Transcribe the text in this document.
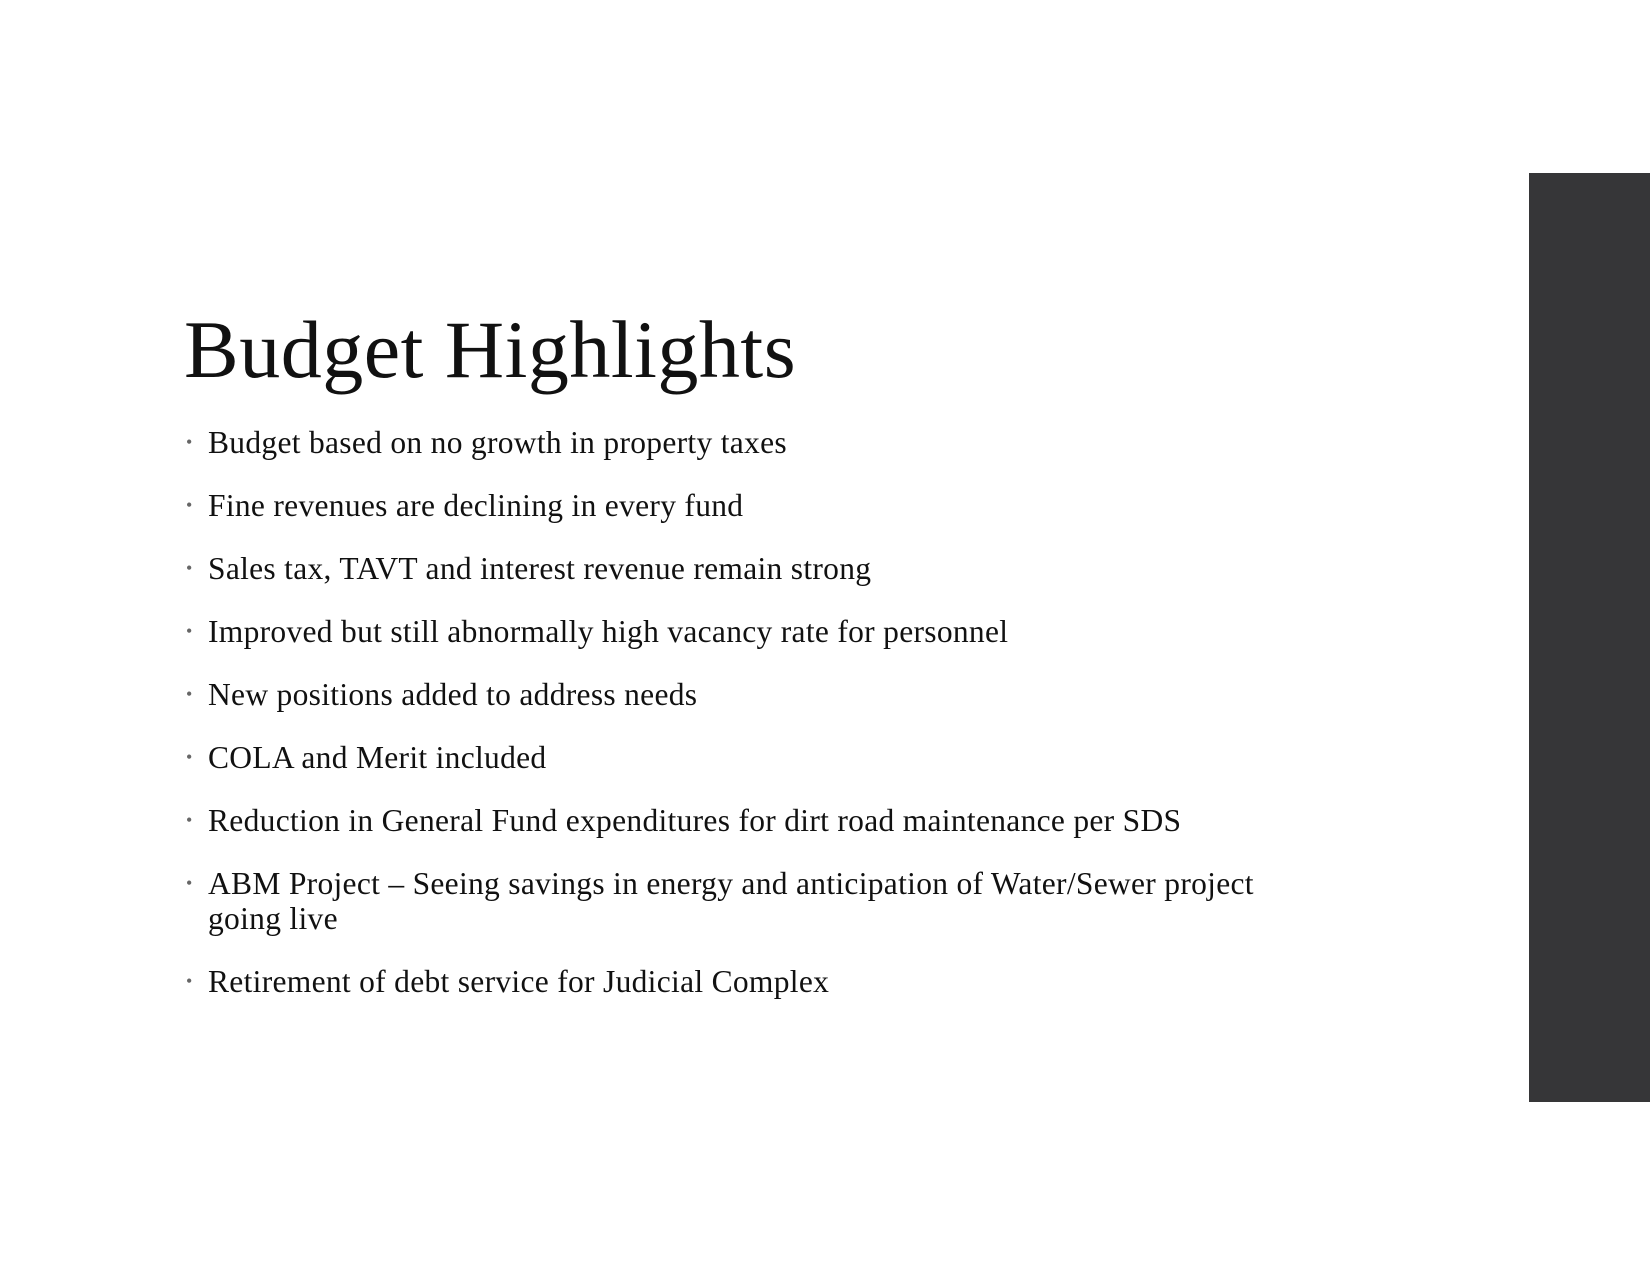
Budget Highlights
• Budget based on no growth in property taxes
• Fine revenues are declining in every fund
• Sales tax, TAVT and interest revenue remain strong
• Improved but still abnormally high vacancy rate for personnel
• New positions added to address needs
• COLA and Merit included
• Reduction in General Fund expenditures for dirt road maintenance per SDS
• ABM Project – Seeing savings in energy and anticipation of Water/Sewer project going live
• Retirement of debt service for Judicial Complex
